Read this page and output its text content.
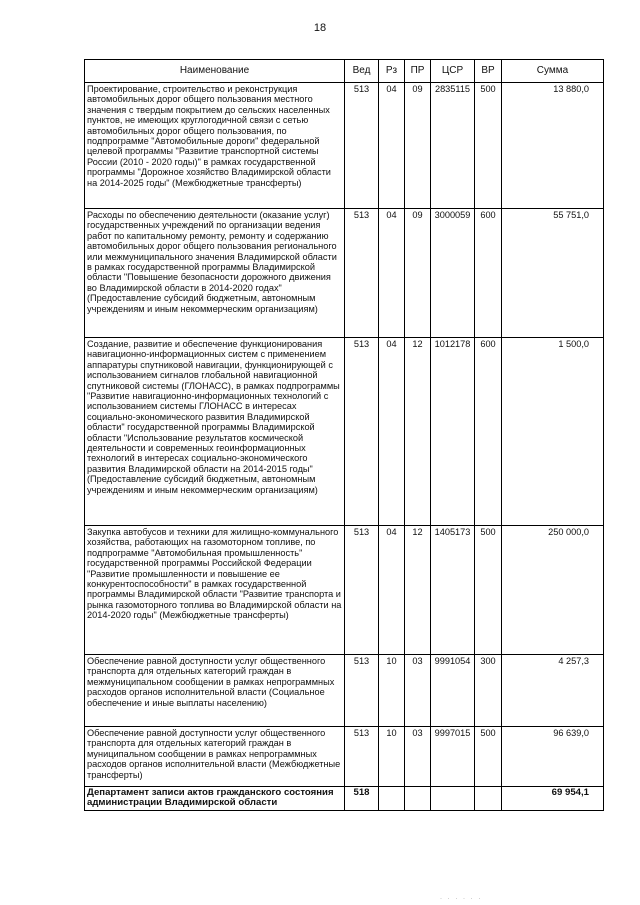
18
Наименование	Вед	Рз	ПР	ЦСР	ВР	Сумма
Проектирование, строительство и реконструкция автомобильных дорог общего пользования местного значения с твердым покрытием до сельских населенных пунктов, не имеющих круглогодичной связи с сетью автомобильных дорог общего пользования, по подпрограмме "Автомобильные дороги" федеральной целевой программы "Развитие транспортной системы России (2010 - 2020 годы)" в рамках государственной программы "Дорожное хозяйство Владимирской области на 2014-2025 годы" (Межбюджетные трансферты)	513	04	09	2835115	500	13 880,0
Расходы по обеспечению деятельности (оказание услуг) государственных учреждений по организации ведения работ по капитальному ремонту, ремонту и содержанию автомобильных дорог общего пользования регионального или межмуниципального значения Владимирской области в рамках государственной программы Владимирской области "Повышение безопасности дорожного движения во Владимирской области в 2014-2020 годах" (Предоставление субсидий бюджетным, автономным учреждениям и иным некоммерческим организациям)	513	04	09	3000059	600	55 751,0
Создание, развитие и обеспечение функционирования навигационно-информационных систем с применением аппаратуры спутниковой навигации, функционирующей с использованием сигналов глобальной навигационной спутниковой системы (ГЛОНАСС), в рамках подпрограммы "Развитие навигационно-информационных технологий с использованием системы ГЛОНАСС в интересах социально-экономического развития Владимирской области" государственной программы Владимирской области "Использование результатов космической деятельности и современных геоинформационных технологий в интересах социально-экономического развития Владимирской области на 2014-2015 годы" (Предоставление субсидий бюджетным, автономным учреждениям и иным некоммерческим организациям)	513	04	12	1012178	600	1 500,0
Закупка автобусов и техники для жилищно-коммунального хозяйства, работающих на газомоторном топливе, по подпрограмме "Автомобильная промышленность" государственной программы Российской Федерации "Развитие промышленности и повышение ее конкурентоспособности" в рамках государственной программы Владимирской области "Развитие транспорта и рынка газомоторного топлива во Владимирской области на 2014-2020 годы" (Межбюджетные трансферты)	513	04	12	1405173	500	250 000,0
Обеспечение равной доступности услуг общественного транспорта для отдельных категорий граждан в межмуниципальном сообщении в рамках непрограммных расходов органов исполнительной власти (Социальное обеспечение и иные выплаты населению)	513	10	03	9991054	300	4 257,3
Обеспечение равной доступности услуг общественного транспорта для отдельных категорий граждан в муниципальном сообщении в рамках непрограммных расходов органов исполнительной власти (Межбюджетные трансферты)	513	10	03	9997015	500	96 639,0
Департамент записи актов гражданского состояния администрации Владимирской области	518					69 954,1
· · · · · ·
